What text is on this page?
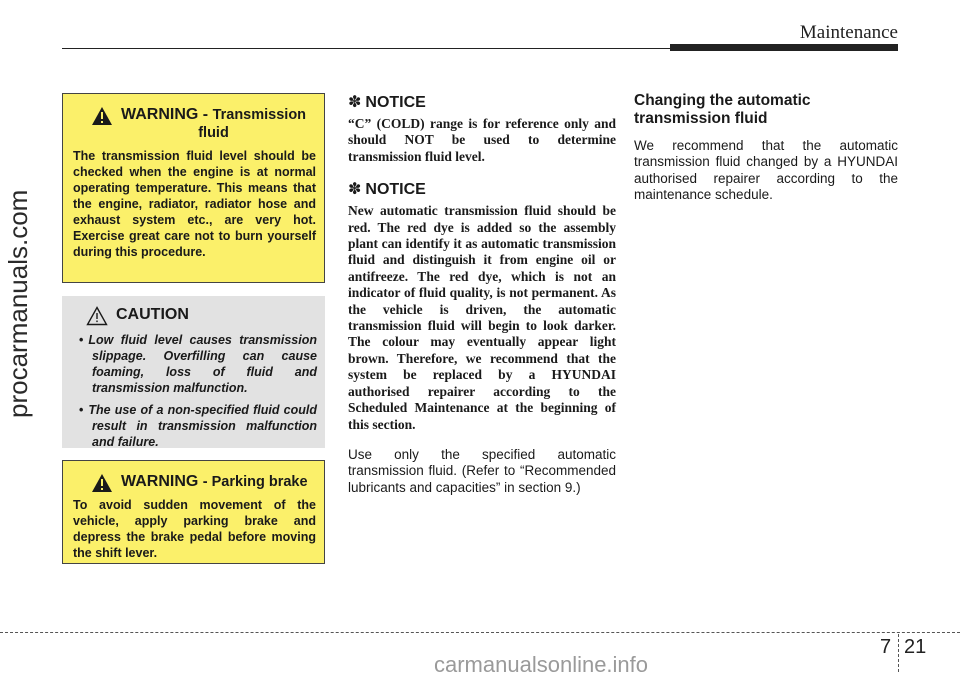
Maintenance
procarmanuals.com
WARNING - Transmission
fluid
The transmission fluid level should be checked when the engine is at normal operating temperature. This means that the engine, radiator, radiator hose and exhaust system etc., are very hot. Exercise great care not to burn yourself during this procedure.
CAUTION
• Low fluid level causes transmission slippage. Overfilling can cause foaming, loss of fluid and transmission malfunction.
• The use of a non-specified fluid could result in transmission malfunction and failure.
WARNING - Parking brake
To avoid sudden movement of the vehicle, apply parking brake and depress the brake pedal before moving the shift lever.
✽ NOTICE

“C” (COLD) range is for reference only and should NOT be used to determine transmission fluid level.

✽ NOTICE

New automatic transmission fluid should be red. The red dye is added so the assembly plant can identify it as automatic transmission fluid and distinguish it from engine oil or antifreeze. The red dye, which is not an indicator of fluid quality, is not permanent. As the vehicle is driven, the automatic transmission fluid will begin to look darker. The colour may eventually appear light brown. Therefore, we recommend that the system be replaced by a HYUNDAI authorised repairer according to the Scheduled Maintenance at the beginning of this section.

Use only the specified automatic transmission fluid. (Refer to “Recommended lubricants and capacities” in section 9.)

Changing the automatic transmission fluid

We recommend that the automatic transmission fluid changed by a HYUNDAI authorised repairer according to the maintenance schedule.

7 21
carmanualsonline.info
